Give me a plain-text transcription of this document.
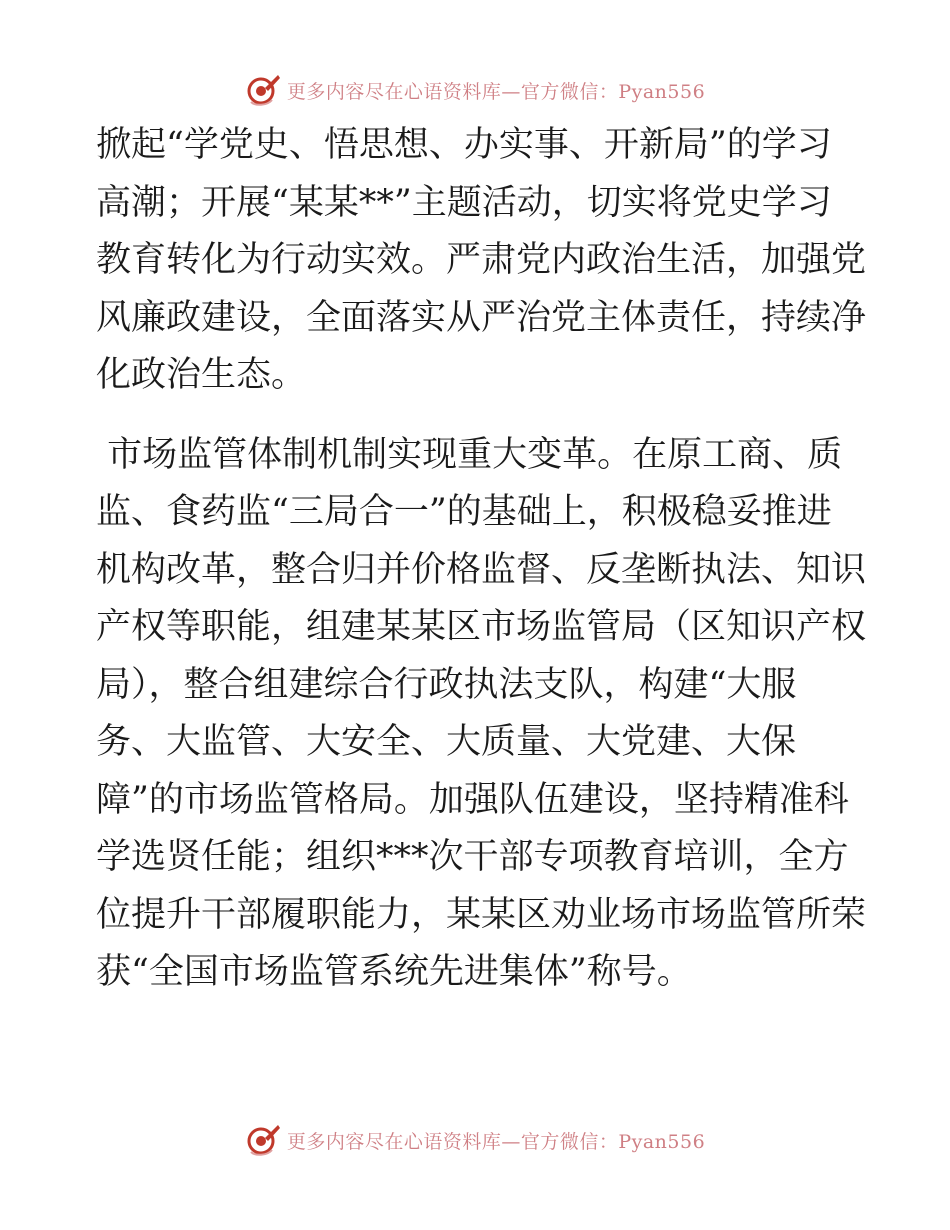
更多内容尽在心语资料库—官方微信：Pyan556

掀起“学党史、悟思想、办实事、开新局”的学习
高潮；开展“某某**”主题活动，切实将党史学习
教育转化为行动实效。严肃党内政治生活，加强党
风廉政建设，全面落实从严治党主体责任，持续净
化政治生态。

市场监管体制机制实现重大变革。在原工商、质
监、食药监“三局合一”的基础上，积极稳妥推进
机构改革，整合归并价格监督、反垄断执法、知识
产权等职能，组建某某区市场监管局（区知识产权
局），整合组建综合行政执法支队，构建“大服
务、大监管、大安全、大质量、大党建、大保
障”的市场监管格局。加强队伍建设，坚持精准科
学选贤任能；组织***次干部专项教育培训，全方
位提升干部履职能力，某某区劝业场市场监管所荣
获“全国市场监管系统先进集体”称号。

更多内容尽在心语资料库—官方微信：Pyan556
